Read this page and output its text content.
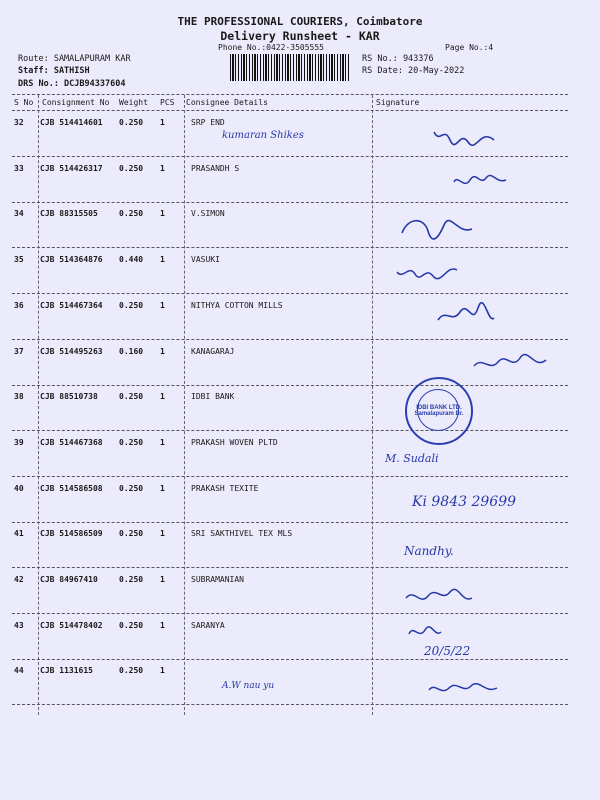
THE PROFESSIONAL COURIERS, Coimbatore
Delivery Runsheet - KAR
Phone No.:0422-3505555	Page No.:4
Route: SAMALAPURAM KAR
Staff: SATHISH
DRS No.: DCJB94337604
RS No.: 943376
RS Date: 20-May-2022
S No Consignment No Weight PCS Consignee Details	Signature
32 CJB 514414601 0.250 1	SRP END
33 CJB 514426317 0.250 1	PRASANDH S
34 CJB 88315505	0.250 1	V.SIMON
35 CJB 514364876 0.440 1	VASUKI
36 CJB 514467364 0.250 1	NITHYA COTTON MILLS
37 CJB 514495263 0.160 1	KANAGARAJ
38 CJB 88510738	0.250 1	IDBI BANK
39 CJB 514467368 0.250 1	PRAKASH WOVEN PLTD
40 CJB 514586508 0.250 1	PRAKASH TEXITE
41 CJB 514586509 0.250 1	SRI SAKTHIVEL TEX MLS
42 CJB 84967410	0.250 1	SUBRAMANIAN
43 CJB 514478402 0.250 1	SARANYA
44 CJB 1131615	0.250 1
kumaran Shikes
M. Sudali
Ki 9843 29699
Nandhy.
20/5/22
A.W nau yu
IDBI BANK LTD. Samalapuram Br.
